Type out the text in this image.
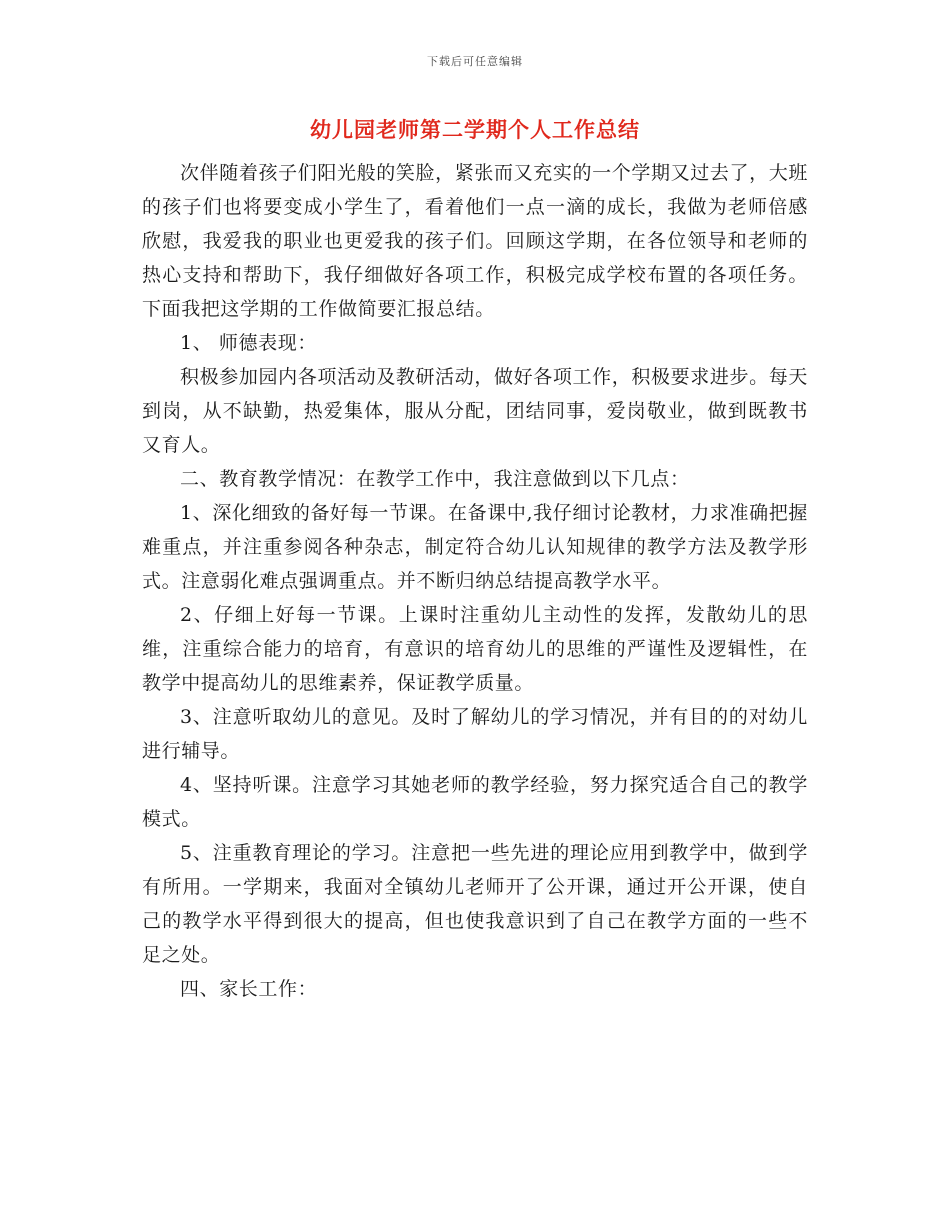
下载后可任意编辑
幼儿园老师第二学期个人工作总结

次伴随着孩子们阳光般的笑脸，紧张而又充实的一个学期又过去了，大班的孩子们也将要变成小学生了，看着他们一点一滴的成长，我做为老师倍感欣慰，我爱我的职业也更爱我的孩子们。回顾这学期，在各位领导和老师的热心支持和帮助下，我仔细做好各项工作，积极完成学校布置的各项任务。下面我把这学期的工作做简要汇报总结。

1、 师德表现：

积极参加园内各项活动及教研活动，做好各项工作，积极要求进步。每天到岗，从不缺勤，热爱集体，服从分配，团结同事，爱岗敬业，做到既教书又育人。

二、教育教学情况：在教学工作中，我注意做到以下几点：

1、深化细致的备好每一节课。在备课中,我仔细讨论教材，力求准确把握难重点，并注重参阅各种杂志，制定符合幼儿认知规律的教学方法及教学形式。注意弱化难点强调重点。并不断归纳总结提高教学水平。

2、仔细上好每一节课。上课时注重幼儿主动性的发挥，发散幼儿的思维，注重综合能力的培育，有意识的培育幼儿的思维的严谨性及逻辑性，在教学中提高幼儿的思维素养，保证教学质量。

3、注意听取幼儿的意见。及时了解幼儿的学习情况，并有目的的对幼儿进行辅导。

4、坚持听课。注意学习其她老师的教学经验，努力探究适合自己的教学模式。

5、注重教育理论的学习。注意把一些先进的理论应用到教学中，做到学有所用。一学期来，我面对全镇幼儿老师开了公开课，通过开公开课，使自己的教学水平得到很大的提高，但也使我意识到了自己在教学方面的一些不足之处。

四、家长工作：
